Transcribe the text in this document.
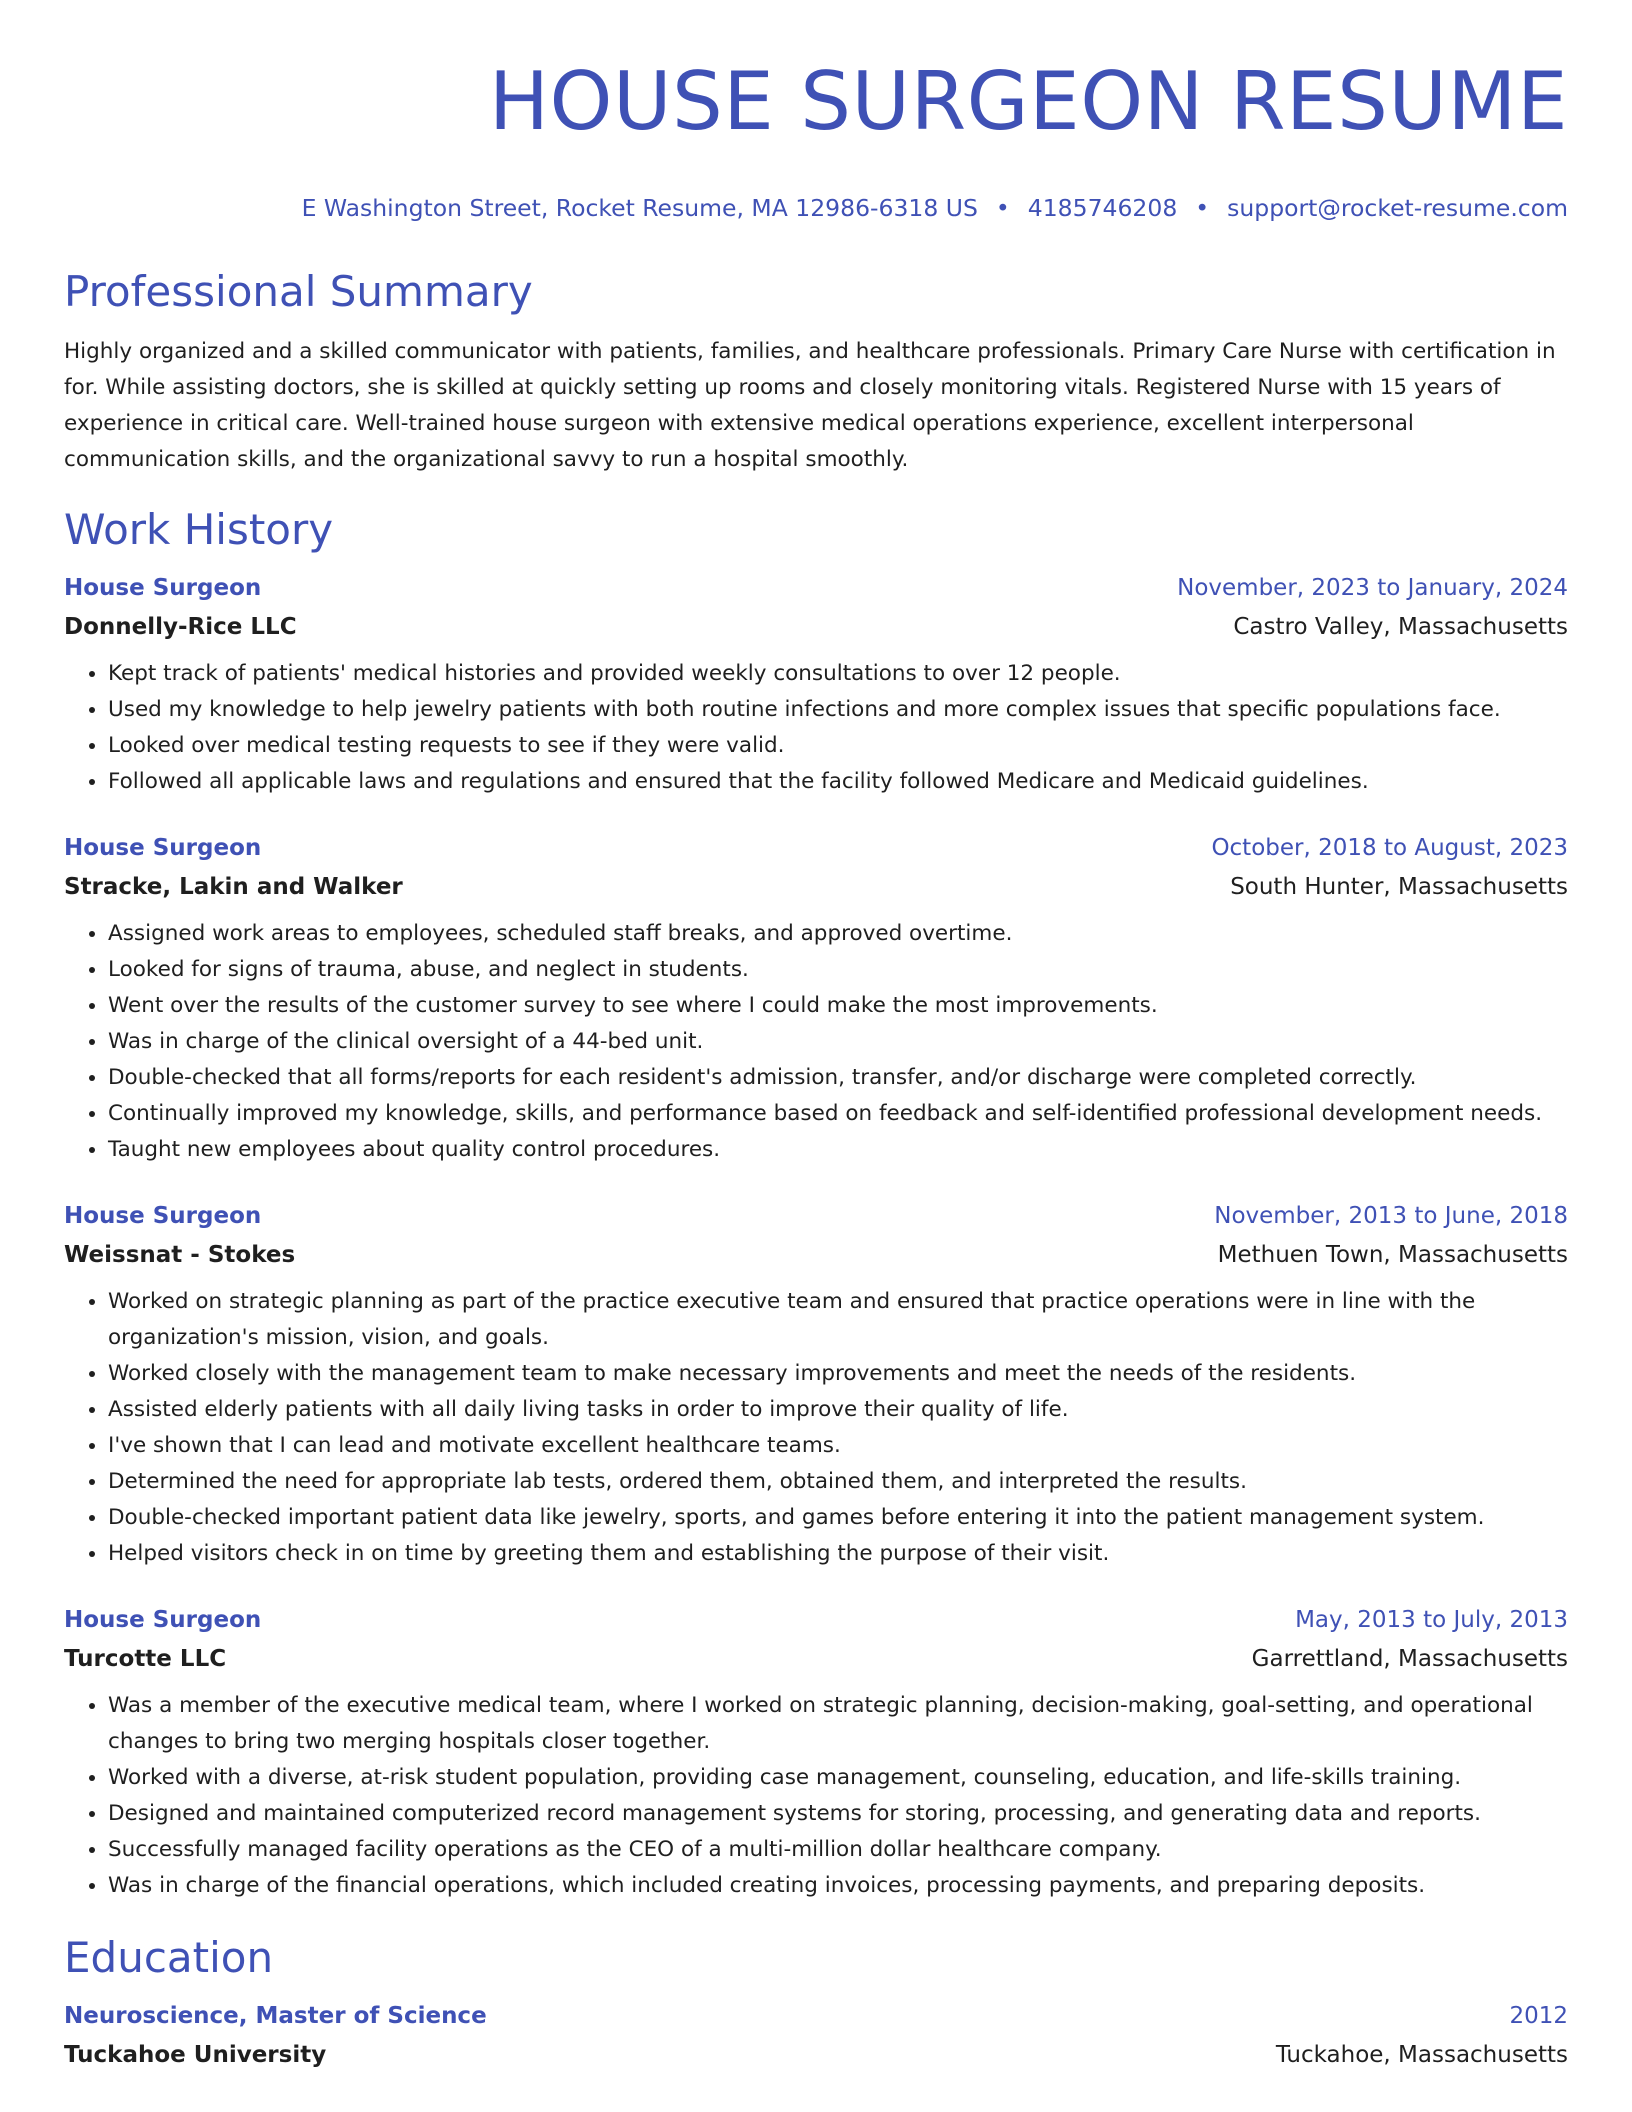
HOUSE SURGEON RESUME
E Washington Street, Rocket Resume, MA 12986-6318 US • 4185746208 • support@rocket-resume.com
Professional Summary

Highly organized and a skilled communicator with patients, families, and healthcare professionals. Primary Care Nurse with certification in for. While assisting doctors, she is skilled at quickly setting up rooms and closely monitoring vitals. Registered Nurse with 15 years of experience in critical care. Well-trained house surgeon with extensive medical operations experience, excellent interpersonal communication skills, and the organizational savvy to run a hospital smoothly.

Work History
House Surgeon	November, 2023 to January, 2024
Donnelly-Rice LLC	Castro Valley, Massachusetts
• Kept track of patients' medical histories and provided weekly consultations to over 12 people.
• Used my knowledge to help jewelry patients with both routine infections and more complex issues that specific populations face.
• Looked over medical testing requests to see if they were valid.
• Followed all applicable laws and regulations and ensured that the facility followed Medicare and Medicaid guidelines.
House Surgeon	October, 2018 to August, 2023
Stracke, Lakin and Walker	South Hunter, Massachusetts
• Assigned work areas to employees, scheduled staff breaks, and approved overtime.
• Looked for signs of trauma, abuse, and neglect in students.
• Went over the results of the customer survey to see where I could make the most improvements.
• Was in charge of the clinical oversight of a 44-bed unit.
• Double-checked that all forms/reports for each resident's admission, transfer, and/or discharge were completed correctly.
• Continually improved my knowledge, skills, and performance based on feedback and self-identified professional development needs.
• Taught new employees about quality control procedures.
House Surgeon	November, 2013 to June, 2018
Weissnat - Stokes	Methuen Town, Massachusetts
• Worked on strategic planning as part of the practice executive team and ensured that practice operations were in line with the organization's mission, vision, and goals.
• Worked closely with the management team to make necessary improvements and meet the needs of the residents.
• Assisted elderly patients with all daily living tasks in order to improve their quality of life.
• I've shown that I can lead and motivate excellent healthcare teams.
• Determined the need for appropriate lab tests, ordered them, obtained them, and interpreted the results.
• Double-checked important patient data like jewelry, sports, and games before entering it into the patient management system.
• Helped visitors check in on time by greeting them and establishing the purpose of their visit.
House Surgeon	May, 2013 to July, 2013
Turcotte LLC	Garrettland, Massachusetts
• Was a member of the executive medical team, where I worked on strategic planning, decision-making, goal-setting, and operational changes to bring two merging hospitals closer together.
• Worked with a diverse, at-risk student population, providing case management, counseling, education, and life-skills training.
• Designed and maintained computerized record management systems for storing, processing, and generating data and reports.
• Successfully managed facility operations as the CEO of a multi-million dollar healthcare company.
• Was in charge of the financial operations, which included creating invoices, processing payments, and preparing deposits.
Education
Neuroscience, Master of Science	2012
Tuckahoe University	Tuckahoe, Massachusetts
